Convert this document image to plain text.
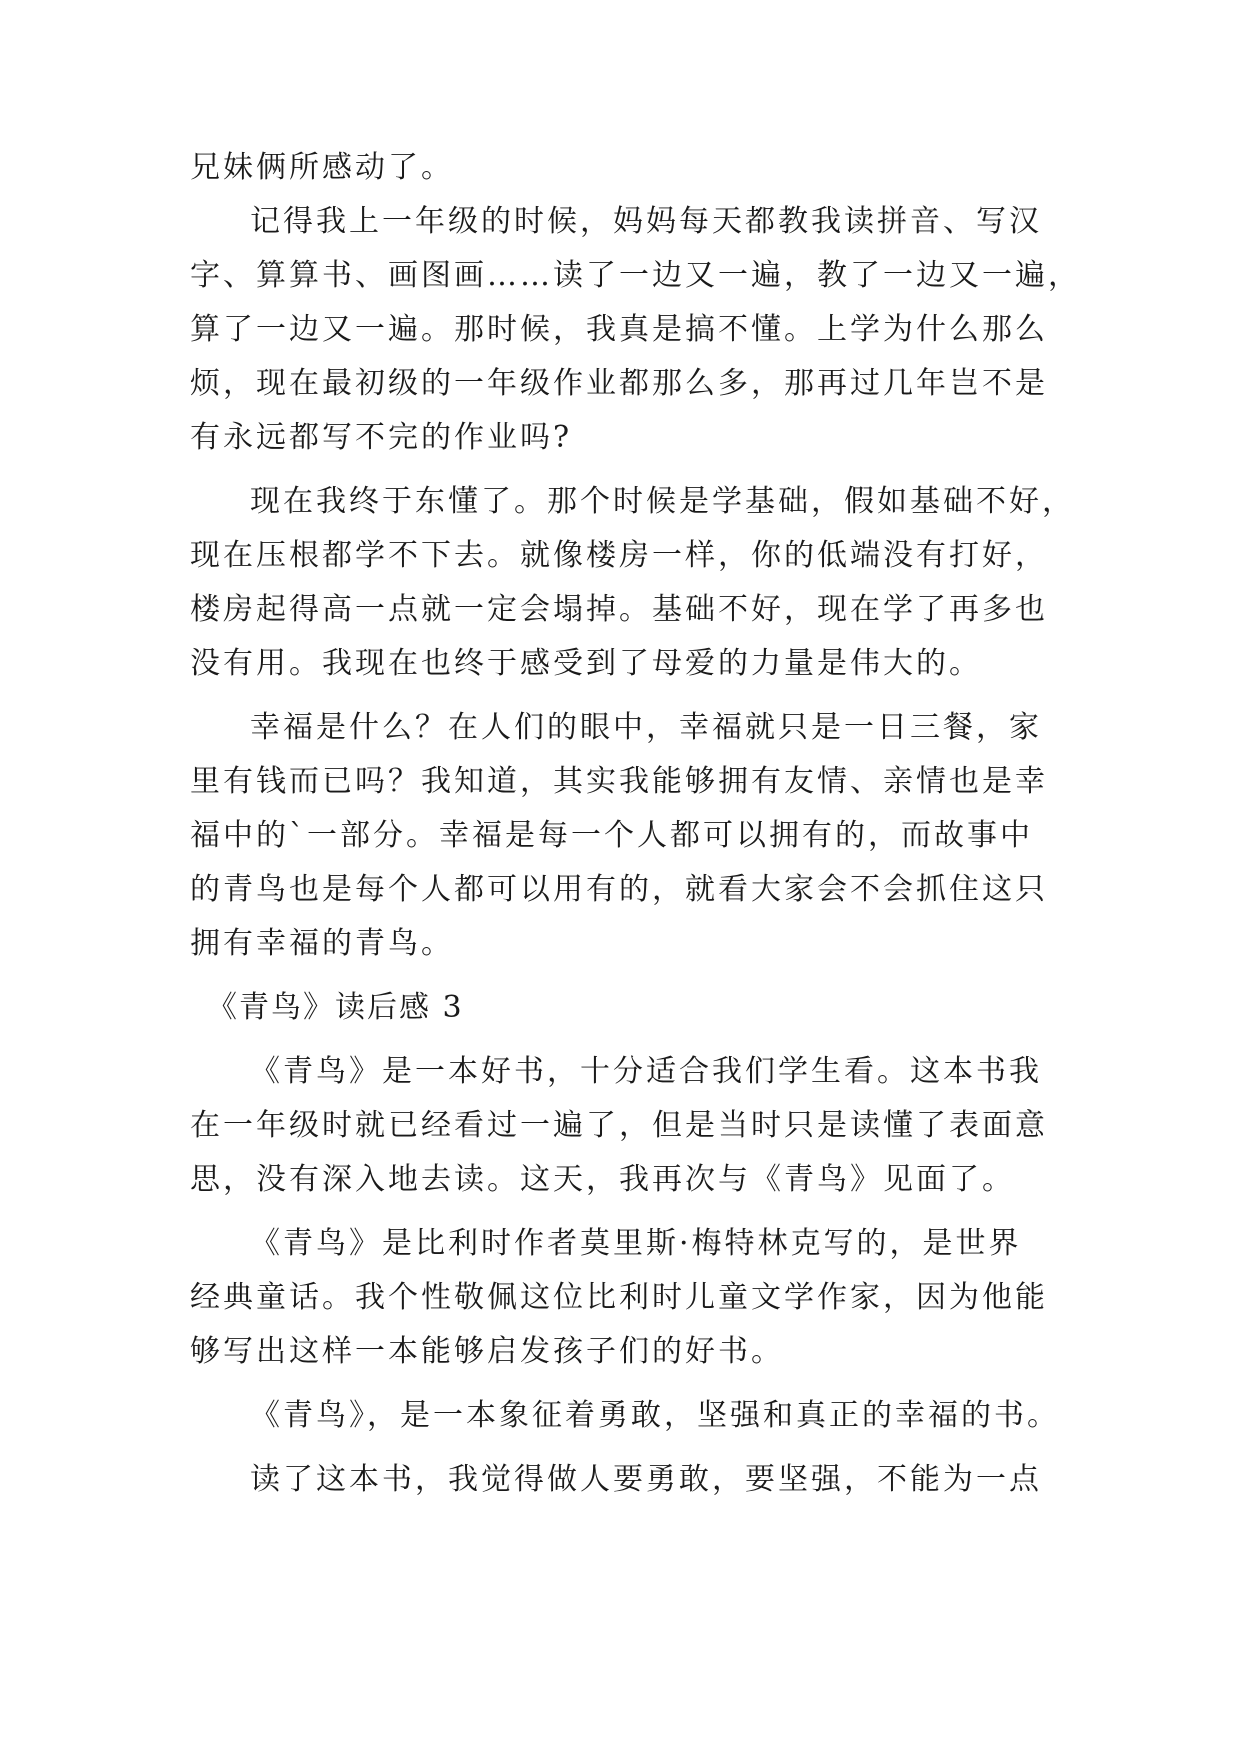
兄妹俩所感动了。
记得我上一年级的时候，妈妈每天都教我读拼音、写汉
字、算算书、画图画……读了一边又一遍，教了一边又一遍，
算了一边又一遍。那时候，我真是搞不懂。上学为什么那么
烦，现在最初级的一年级作业都那么多，那再过几年岂不是
有永远都写不完的作业吗?
现在我终于东懂了。那个时候是学基础，假如基础不好，
现在压根都学不下去。就像楼房一样，你的低端没有打好，
楼房起得高一点就一定会塌掉。基础不好，现在学了再多也
没有用。我现在也终于感受到了母爱的力量是伟大的。
幸福是什么？在人们的眼中，幸福就只是一日三餐，家
里有钱而已吗？我知道，其实我能够拥有友情、亲情也是幸
福中的`一部分。幸福是每一个人都可以拥有的，而故事中
的青鸟也是每个人都可以用有的，就看大家会不会抓住这只
拥有幸福的青鸟。
《青鸟》读后感 3
《青鸟》是一本好书，十分适合我们学生看。这本书我
在一年级时就已经看过一遍了，但是当时只是读懂了表面意
思，没有深入地去读。这天，我再次与《青鸟》见面了。
《青鸟》是比利时作者莫里斯·梅特林克写的，是世界
经典童话。我个性敬佩这位比利时儿童文学作家，因为他能
够写出这样一本能够启发孩子们的好书。
《青鸟》，是一本象征着勇敢，坚强和真正的幸福的书。
读了这本书，我觉得做人要勇敢，要坚强，不能为一点
